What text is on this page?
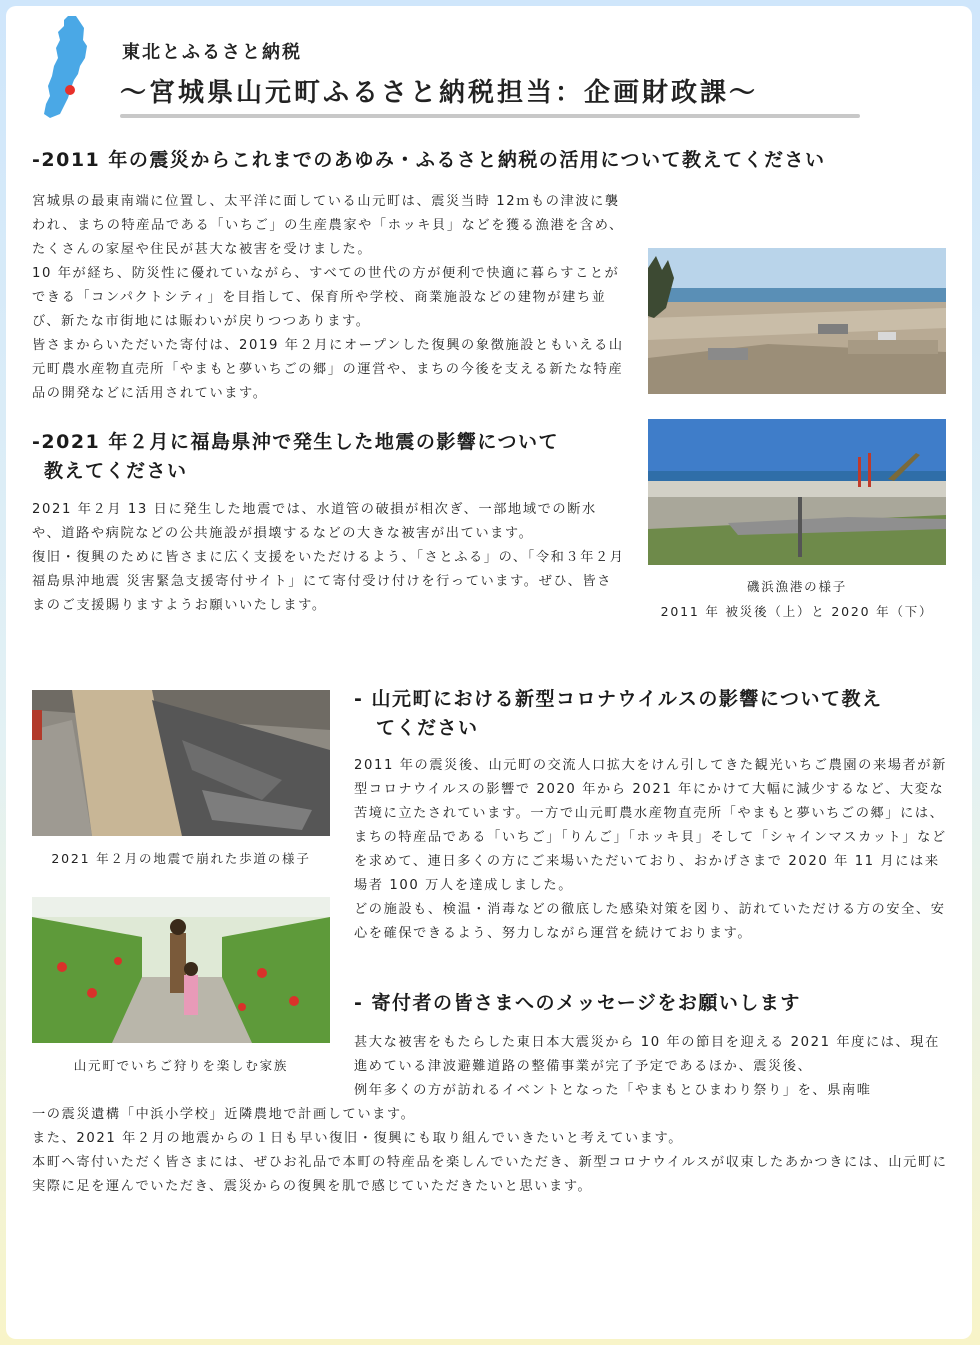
東北とふるさと納税
～宮城県山元町ふるさと納税担当：企画財政課～
-2011 年の震災からこれまでのあゆみ・ふるさと納税の活用について教えてください

宮城県の最東南端に位置し、太平洋に面している山元町は、震災当時 12ｍもの津波に襲われ、まちの特産品である「いちご」の生産農家や「ホッキ貝」などを獲る漁港を含め、たくさんの家屋や住民が甚大な被害を受けました。

10 年が経ち、防災性に優れていながら、すべての世代の方が便利で快適に暮らすことができる「コンパクトシティ」を目指して、保育所や学校、商業施設などの建物が建ち並び、新たな市街地には賑わいが戻りつつあります。

皆さまからいただいた寄付は、2019 年２月にオープンした復興の象徴施設ともいえる山元町農水産物直売所「やまもと夢いちごの郷」の運営や、まちの今後を支える新たな特産品の開発などに活用されています。

-2021 年２月に福島県沖で発生した地震の影響について
教えてください

2021 年２月 13 日に発生した地震では、水道管の破損が相次ぎ、一部地域での断水や、道路や病院などの公共施設が損壊するなどの大きな被害が出ています。

復旧・復興のために皆さまに広く支援をいただけるよう、「さとふる」の、「令和３年２月福島県沖地震 災害緊急支援寄付サイト」にて寄付受け付けを行っています。ぜひ、皆さまのご支援賜りますようお願いいたします。

磯浜漁港の様子
2011 年 被災後（上）と 2020 年（下）
2021 年２月の地震で崩れた歩道の様子
山元町でいちご狩りを楽しむ家族
- 山元町における新型コロナウイルスの影響について教え
てください

2011 年の震災後、山元町の交流人口拡大をけん引してきた観光いちご農園の来場者が新型コロナウイルスの影響で 2020 年から 2021 年にかけて大幅に減少するなど、大変な苦境に立たされています。一方で山元町農水産物直売所「やまもと夢いちごの郷」には、まちの特産品である「いちご」「りんご」「ホッキ貝」そして「シャインマスカット」などを求めて、連日多くの方にご来場いただいており、おかげさまで 2020 年 11 月には来場者 100 万人を達成しました。

どの施設も、検温・消毒などの徹底した感染対策を図り、訪れていただける方の安全、安心を確保できるよう、努力しながら運営を続けております。

- 寄付者の皆さまへのメッセージをお願いします

甚大な被害をもたらした東日本大震災から 10 年の節目を迎える 2021 年度には、現在進めている津波避難道路の整備事業が完了予定であるほか、震災後、

例年多くの方が訪れるイベントとなった「やまもとひまわり祭り」を、県南唯

一の震災遺構「中浜小学校」近隣農地で計画しています。

また、2021 年２月の地震からの１日も早い復旧・復興にも取り組んでいきたいと考えています。

本町へ寄付いただく皆さまには、ぜひお礼品で本町の特産品を楽しんでいただき、新型コロナウイルスが収束したあかつきには、山元町に実際に足を運んでいただき、震災からの復興を肌で感じていただきたいと思います。
